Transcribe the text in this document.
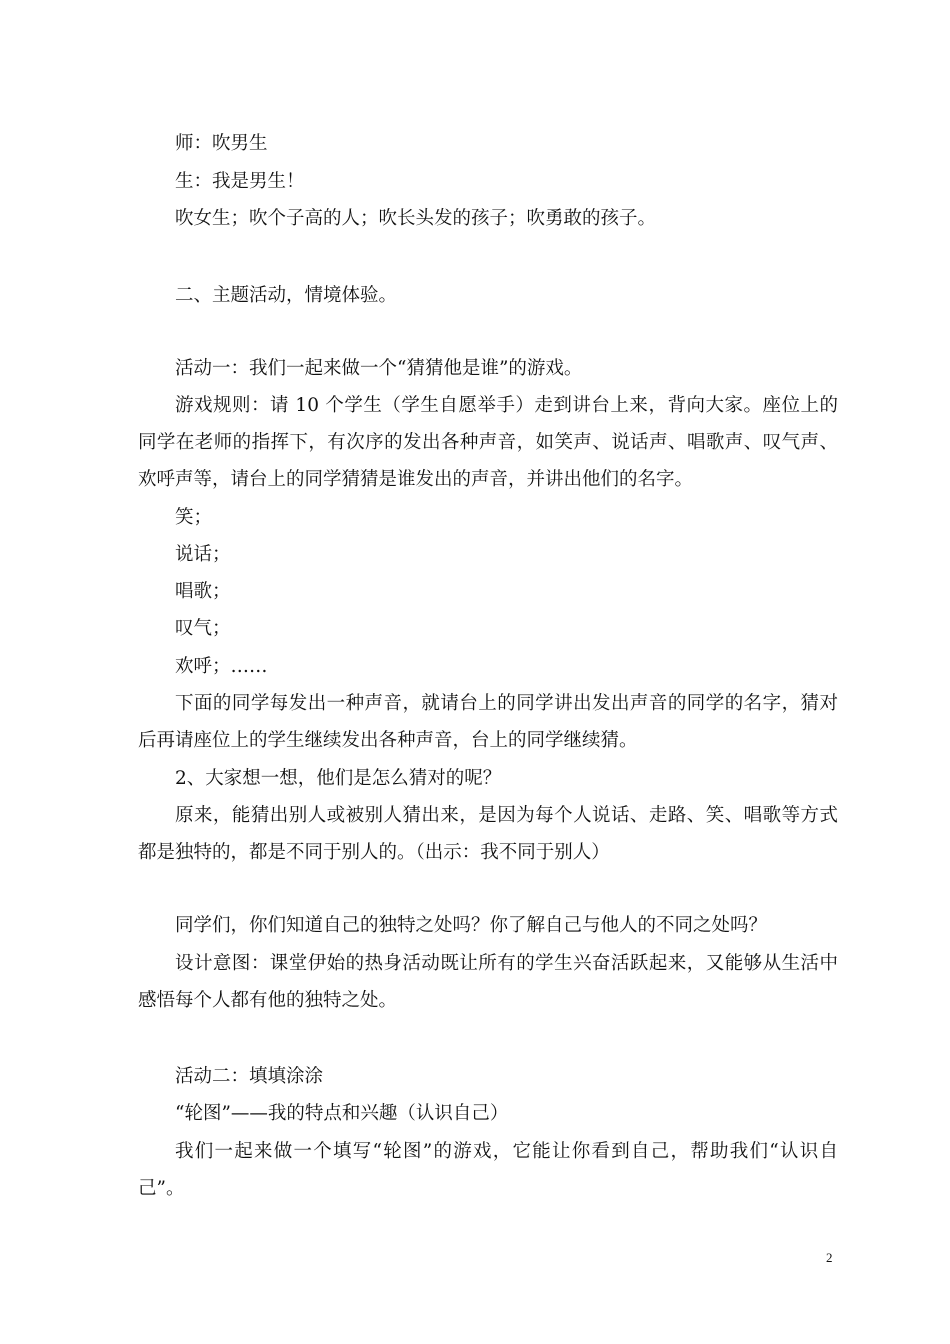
师：吹男生
生：我是男生！
吹女生；吹个子高的人；吹长头发的孩子；吹勇敢的孩子。
二、主题活动，情境体验。
活动一：我们一起来做一个“猜猜他是谁”的游戏。
游戏规则：请 10 个学生（学生自愿举手）走到讲台上来，背向大家。座位上的
同学在老师的指挥下，有次序的发出各种声音，如笑声、说话声、唱歌声、叹气声、
欢呼声等，请台上的同学猜猜是谁发出的声音，并讲出他们的名字。
笑；
说话；
唱歌；
叹气；
欢呼；……
下面的同学每发出一种声音，就请台上的同学讲出发出声音的同学的名字，猜对
后再请座位上的学生继续发出各种声音，台上的同学继续猜。
2、大家想一想，他们是怎么猜对的呢？
原来，能猜出别人或被别人猜出来，是因为每个人说话、走路、笑、唱歌等方式
都是独特的，都是不同于别人的。（出示：我不同于别人）
同学们，你们知道自己的独特之处吗？你了解自己与他人的不同之处吗？
设计意图：课堂伊始的热身活动既让所有的学生兴奋活跃起来，又能够从生活中
感悟每个人都有他的独特之处。
活动二：填填涂涂
“轮图”——我的特点和兴趣（认识自己）
我们一起来做一个填写“轮图”的游戏，它能让你看到自己，帮助我们“认识自
己”。
2
